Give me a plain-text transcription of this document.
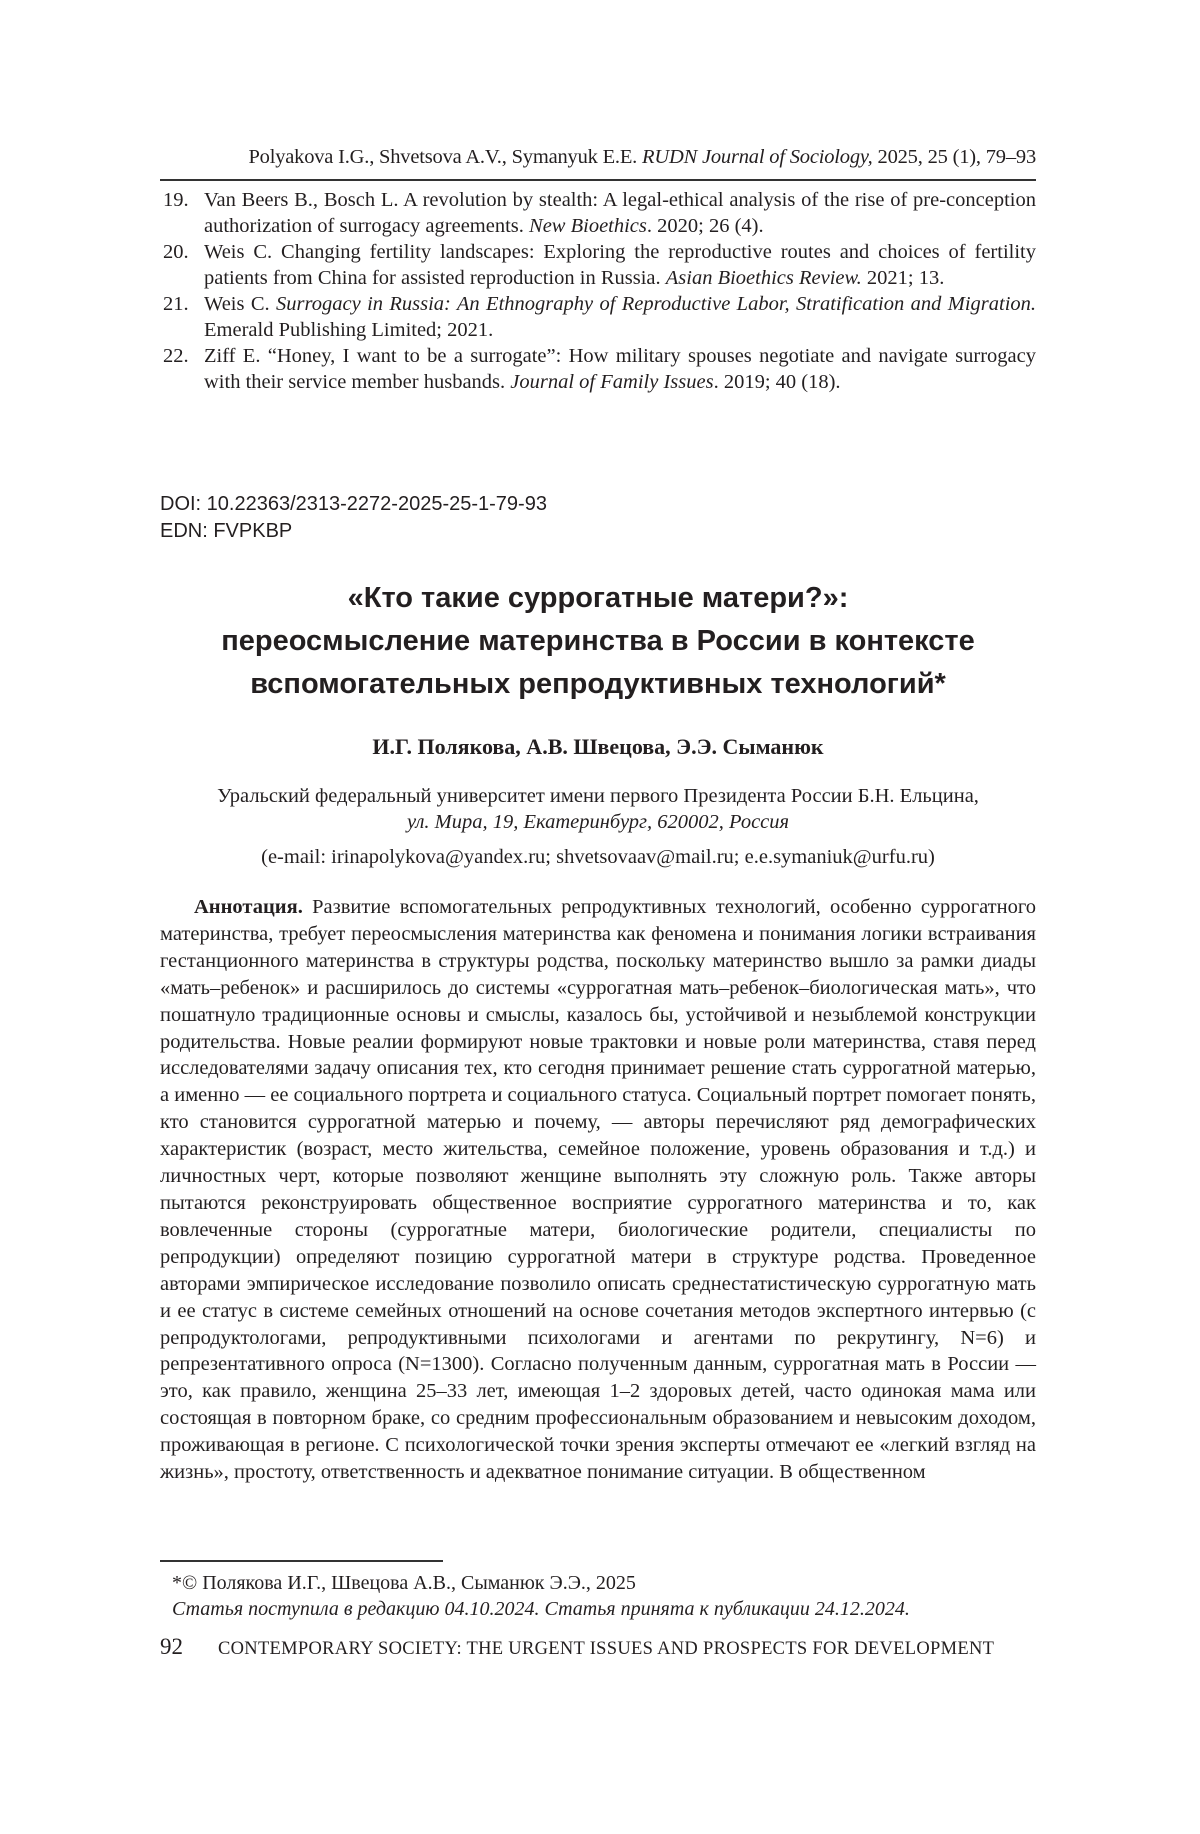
Polyakova I.G., Shvetsova A.V., Symanyuk E.E. RUDN Journal of Sociology, 2025, 25 (1), 79–93
19. Van Beers B., Bosch L. A revolution by stealth: A legal-ethical analysis of the rise of pre-conception authorization of surrogacy agreements. New Bioethics. 2020; 26 (4).
20. Weis C. Changing fertility landscapes: Exploring the reproductive routes and choices of fertility patients from China for assisted reproduction in Russia. Asian Bioethics Review. 2021; 13.
21. Weis C. Surrogacy in Russia: An Ethnography of Reproductive Labor, Stratification and Migration. Emerald Publishing Limited; 2021.
22. Ziff E. “Honey, I want to be a surrogate”: How military spouses negotiate and navigate surrogacy with their service member husbands. Journal of Family Issues. 2019; 40 (18).
DOI: 10.22363/2313-2272-2025-25-1-79-93
EDN: FVPKBP
«Кто такие суррогатные матери?»:
переосмысление материнства в России в контексте
вспомогательных репродуктивных технологий*
И.Г. Полякова, А.В. Швецова, Э.Э. Сыманюк
Уральский федеральный университет имени первого Президента России Б.Н. Ельцина,
ул. Мира, 19, Екатеринбург, 620002, Россия
(e-mail: irinapolykova@yandex.ru; shvetsovaav@mail.ru; e.e.symaniuk@urfu.ru)
Аннотация. Развитие вспомогательных репродуктивных технологий, особенно суррогатного материнства, требует переосмысления материнства как феномена и понимания логики встраивания гестанционного материнства в структуры родства, поскольку материнство вышло за рамки диады «мать–ребенок» и расширилось до системы «суррогатная мать–ребенок–биологическая мать», что пошатнуло традиционные основы и смыслы, казалось бы, устойчивой и незыблемой конструкции родительства. Новые реалии формируют новые трактовки и новые роли материнства, ставя перед исследователями задачу описания тех, кто сегодня принимает решение стать суррогатной матерью, а именно — ее социального портрета и социального статуса. Социальный портрет помогает понять, кто становится суррогатной матерью и почему, — авторы перечисляют ряд демографических характеристик (возраст, место жительства, семейное положение, уровень образования и т.д.) и личностных черт, которые позволяют женщине выполнять эту сложную роль. Также авторы пытаются реконструировать общественное восприятие суррогатного материнства и то, как вовлеченные стороны (суррогатные матери, биологические родители, специалисты по репродукции) определяют позицию суррогатной матери в структуре родства. Проведенное авторами эмпирическое исследование позволило описать среднестатистическую суррогатную мать и ее статус в системе семейных отношений на основе сочетания методов экспертного интервью (с репродуктологами, репродуктивными психологами и агентами по рекрутингу, N=6) и репрезентативного опроса (N=1300). Согласно полученным данным, суррогатная мать в России — это, как правило, женщина 25–33 лет, имеющая 1–2 здоровых детей, часто одинокая мама или состоящая в повторном браке, со средним профессиональным образованием и невысоким доходом, проживающая в регионе. С психологической точки зрения эксперты отмечают ее «легкий взгляд на жизнь», простоту, ответственность и адекватное понимание ситуации. В общественном
*© Полякова И.Г., Швецова А.В., Сыманюк Э.Э., 2025
Статья поступила в редакцию 04.10.2024. Статья принята к публикации 24.12.2024.
92	CONTEMPORARY SOCIETY: THE URGENT ISSUES AND PROSPECTS FOR DEVELOPMENT
